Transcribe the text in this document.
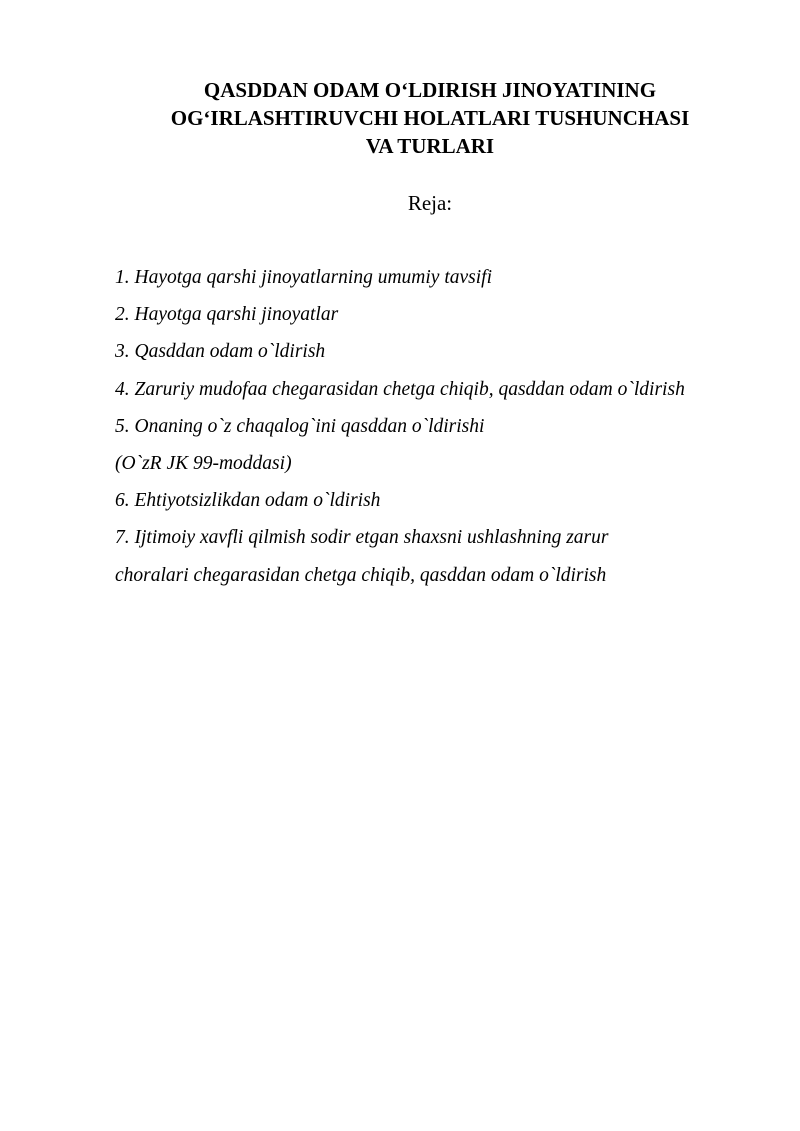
QASDDAN ODAM O‘LDIRISH JINOYATINING
OG‘IRLASHTIRUVCHI HOLATLARI TUSHUNCHASI
VA TURLARI

Reja:

1. Hayotga qarshi jinoyatlarning umumiy tavsifi
2. Hayotga qarshi jinoyatlar
3. Qasddan odam o`ldirish
4. Zaruriy mudofaa chegarasidan chetga chiqib, qasddan odam o`ldirish
5. Onaning o`z chaqalog`ini qasddan o`ldirishi
(O`zR JK 99-moddasi)
6. Ehtiyotsizlikdan odam o`ldirish
7. Ijtimoiy xavfli qilmish sodir etgan shaxsni ushlashning zarur
choralari chegarasidan chetga chiqib, qasddan odam o`ldirish
